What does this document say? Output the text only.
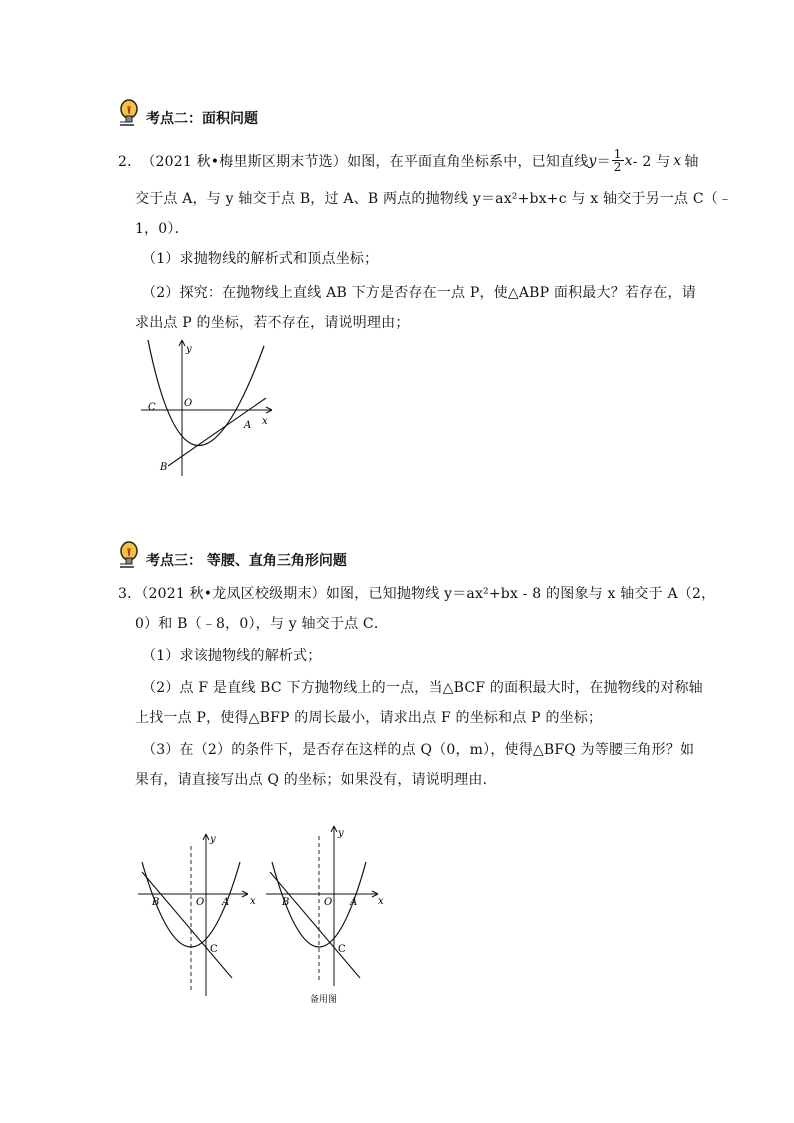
考点二：面积问题
2． （2021 秋•梅里斯区期末节选） 如图，在平面直角坐标系中，已知直线 $y = \frac{1}{2}$ x - 2 与 x 轴
交于点 A，与 y 轴交于点 B，过 A、B 两点的抛物线 y＝ax²+bx+c 与 x 轴交于另一点 C（﹣
1，0）．
（1）求抛物线的解析式和顶点坐标；
（2）探究：在抛物线上直线 AB 下方是否存在一点 P，使△ABP 面积最大？若存在，请
求出点 P 的坐标，若不存在，请说明理由；
y
x
O
C
A
B
考点三： 等腰、直角三角形问题
3．（2021 秋•龙凤区校级期末）如图，已知抛物线 y＝ax²+bx - 8 的图象与 x 轴交于 A（2，
0）和 B（﹣8，0），与 y 轴交于点 C．
（1）求该抛物线的解析式；
（2）点 F 是直线 BC 下方抛物线上的一点，当△BCF 的面积最大时，在抛物线的对称轴
上找一点 P，使得△BFP 的周长最小，请求出点 F 的坐标和点 P 的坐标；
（3）在（2）的条件下，是否存在这样的点 Q（0，m），使得△BFQ 为等腰三角形？如
果有，请直接写出点 Q 的坐标；如果没有，请说明理由．
y
x
O A
B
C
y
x
O A
B
C
备用图
